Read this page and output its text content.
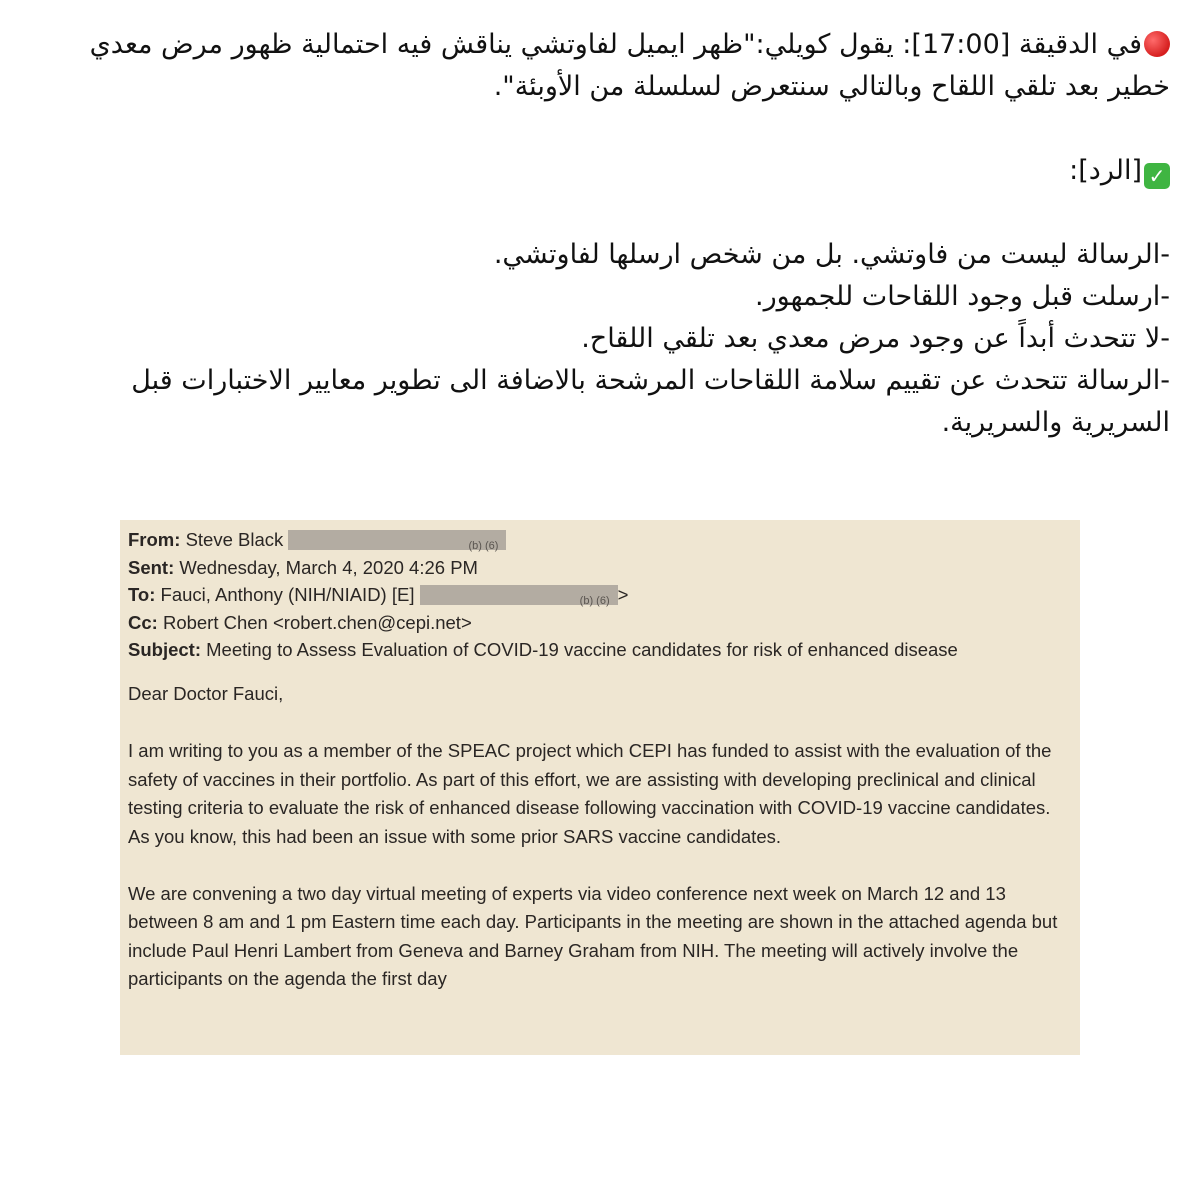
في الدقيقة [17:00]: يقول كويلي:"ظهر ايميل لفاوتشي يناقش فيه احتمالية ظهور مرض معدي خطير بعد تلقي اللقاح وبالتالي سنتعرض لسلسلة من الأوبئة".

✓[الرد]:

-الرسالة ليست من فاوتشي. بل من شخص ارسلها لفاوتشي.

-ارسلت قبل وجود اللقاحات للجمهور.

-لا تتحدث أبداً عن وجود مرض معدي بعد تلقي اللقاح.

-الرسالة تتحدث عن تقييم سلامة اللقاحات المرشحة بالاضافة الى تطوير معايير الاختبارات قبل السريرية والسريرية.

From: Steve Black	(b) (6)
Sent: Wednesday, March 4, 2020 4:26 PM
To: Fauci, Anthony (NIH/NIAID) [E]	(b) (6) >
Cc: Robert Chen <robert.chen@cepi.net>
Subject: Meeting to Assess Evaluation of COVID-19 vaccine candidates for risk of enhanced disease

Dear Doctor Fauci,

I am writing to you as a member of the SPEAC project which CEPI has funded to assist with the evaluation of the safety of vaccines in their portfolio. As part of this effort, we are assisting with developing preclinical and clinical testing criteria to evaluate the risk of enhanced disease following vaccination with COVID-19 vaccine candidates. As you know, this had been an issue with some prior SARS vaccine candidates.

We are convening a two day virtual meeting of experts via video conference next week on March 12 and 13 between 8 am and 1 pm Eastern time each day. Participants in the meeting are shown in the attached agenda but include Paul Henri Lambert from Geneva and Barney Graham from NIH. The meeting will actively involve the participants on the agenda the first day
